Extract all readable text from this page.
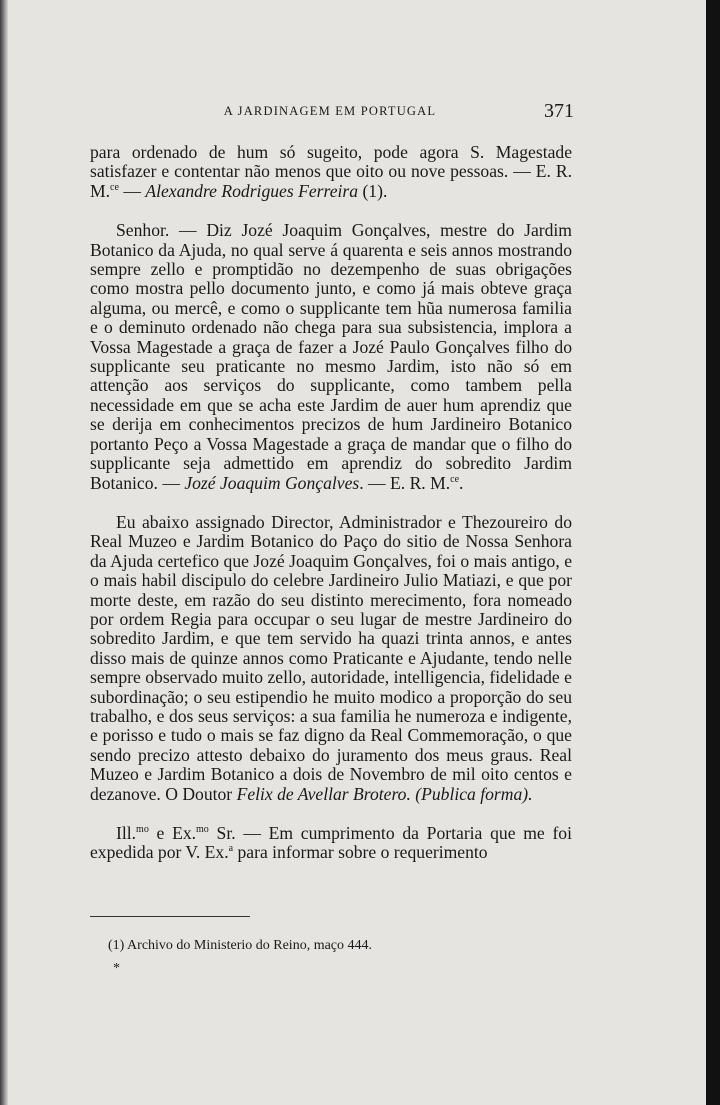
A JARDINAGEM EM PORTUGAL	371

para ordenado de hum só sugeito, pode agora S. Magestade satisfazer e contentar não menos que oito ou nove pessoas. — E. R. M.$^{ce}$ — Alexandre Rodrigues Ferreira (1).

Senhor. — Diz Jozé Joaquim Gonçalves, mestre do Jardim Botanico da Ajuda, no qual serve á quarenta e seis annos mostrando sempre zello e promptidão no dezempenho de suas obrigações como mostra pello documento junto, e como já mais obteve graça alguma, ou mercê, e como o supplicante tem hũa numerosa familia e o deminuto ordenado não chega para sua subsistencia, implora a Vossa Magestade a graça de fazer a Jozé Paulo Gonçalves filho do supplicante seu praticante no mesmo Jardim, isto não só em attenção aos serviços do supplicante, como tambem pella necessidade em que se acha este Jardim de auer hum aprendiz que se derija em conhecimentos precizos de hum Jardineiro Botanico portanto Peço a Vossa Magestade a graça de mandar que o filho do supplicante seja admettido em aprendiz do sobredito Jardim Botanico. — Jozé Joaquim Gonçalves. — E. R. M.$^{ce}$.

Eu abaixo assignado Director, Administrador e Thezoureiro do Real Muzeo e Jardim Botanico do Paço do sitio de Nossa Senhora da Ajuda certefico que Jozé Joaquim Gonçalves, foi o mais antigo, e o mais habil discipulo do celebre Jardineiro Julio Matiazi, e que por morte deste, em razão do seu distinto merecimento, fora nomeado por ordem Regia para occupar o seu lugar de mestre Jardineiro do sobredito Jardim, e que tem servido ha quazi trinta annos, e antes disso mais de quinze annos como Praticante e Ajudante, tendo nelle sempre observado muito zello, autoridade, intelligencia, fidelidade e subordinação; o seu estipendio he muito modico a proporção do seu trabalho, e dos seus serviços: a sua familia he numeroza e indigente, e porisso e tudo o mais se faz digno da Real Commemoração, o que sendo precizo attesto debaixo do juramento dos meus graus. Real Muzeo e Jardim Botanico a dois de Novembro de mil oito centos e dezanove. O Doutor Felix de Avellar Brotero. (Publica forma).

Ill.$^{mo}$ e Ex.$^{mo}$ Sr. — Em cumprimento da Portaria que me foi expedida por V. Ex.$^a$ para informar sobre o requerimento

(1) Archivo do Ministerio do Reino, maço 444.
*
